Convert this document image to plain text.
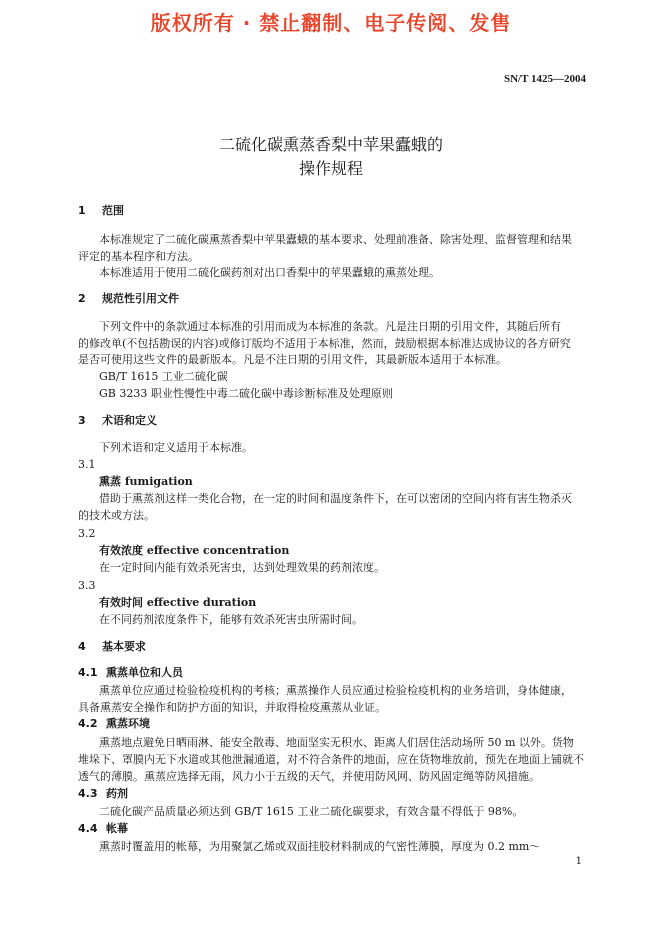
版权所有 · 禁止翻制、电子传阅、发售
SN/T 1425—2004
二硫化碳熏蒸香梨中苹果蠹蛾的
操作规程
1 范围
本标准规定了二硫化碳熏蒸香梨中苹果蠹蛾的基本要求、处理前准备、除害处理、监督管理和结果
评定的基本程序和方法。
本标准适用于使用二硫化碳药剂对出口香梨中的苹果蠹蛾的熏蒸处理。
2 规范性引用文件
下列文件中的条款通过本标准的引用而成为本标准的条款。凡是注日期的引用文件，其随后所有
的修改单(不包括勘误的内容)或修订版均不适用于本标准，然而，鼓励根据本标准达成协议的各方研究
是否可使用这些文件的最新版本。凡是不注日期的引用文件，其最新版本适用于本标准。
GB/T 1615 工业二硫化碳
GB 3233 职业性慢性中毒二硫化碳中毒诊断标准及处理原则
3 术语和定义
下列术语和定义适用于本标准。
3.1
熏蒸 fumigation
借助于熏蒸剂这样一类化合物，在一定的时间和温度条件下，在可以密闭的空间内将有害生物杀灭
的技术或方法。
3.2
有效浓度 effective concentration
在一定时间内能有效杀死害虫，达到处理效果的药剂浓度。
3.3
有效时间 effective duration
在不同药剂浓度条件下，能够有效杀死害虫所需时间。
4 基本要求
4.1 熏蒸单位和人员
熏蒸单位应通过检验检疫机构的考核；熏蒸操作人员应通过检验检疫机构的业务培训，身体健康，
具备熏蒸安全操作和防护方面的知识，并取得检疫熏蒸从业证。
4.2 熏蒸环境
熏蒸地点避免日晒雨淋、能安全散毒、地面坚实无积水、距离人们居住活动场所 50 m 以外。货物
堆垛下、罩膜内无下水道或其他泄漏通道，对不符合条件的地面，应在货物堆放前，预先在地面上铺就不
透气的薄膜。熏蒸应选择无雨，风力小于五级的天气，并使用防风网、防风固定绳等防风措施。
4.3 药剂
二硫化碳产品质量必须达到 GB/T 1615 工业二硫化碳要求，有效含量不得低于 98%。
4.4 帐幕
熏蒸时覆盖用的帐幕，为用聚氯乙烯或双面挂胶材料制成的气密性薄膜，厚度为 0.2 mm～
1
